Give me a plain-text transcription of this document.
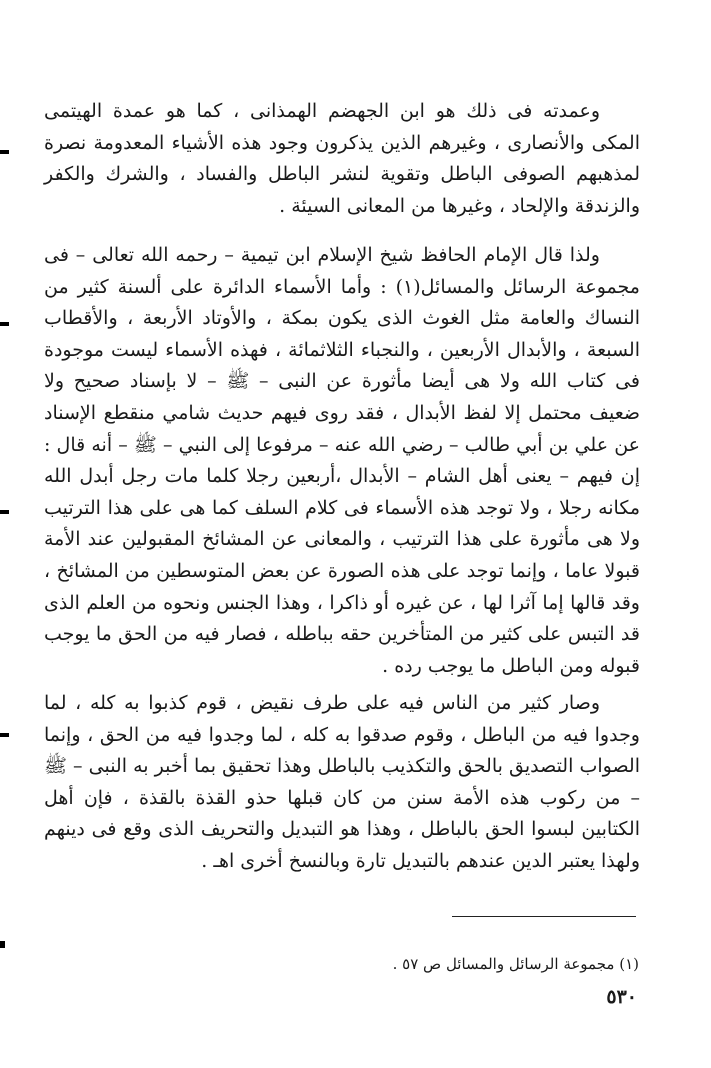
وعمدته فى ذلك هو ابن الجهضم الهمذانى ، كما هو عمدة الهيتمى المكى والأنصارى ، وغيرهم الذين يذكرون وجود هذه الأشياء المعدومة نصرة لمذهبهم الصوفى الباطل وتقوية لنشر الباطل والفساد ، والشرك والكفر والزندقة والإلحاد ، وغيرها من المعانى السيئة .

ولذا قال الإمام الحافظ شيخ الإسلام ابن تيمية – رحمه الله تعالى – فى مجموعة الرسائل والمسائل(١) : وأما الأسماء الدائرة على ألسنة كثير من النساك والعامة مثل الغوث الذى يكون بمكة ، والأوتاد الأربعة ، والأقطاب السبعة ، والأبدال الأربعين ، والنجباء الثلاثمائة ، فهذه الأسماء ليست موجودة فى كتاب الله ولا هى أيضا مأثورة عن النبى – ﷺ – لا بإسناد صحيح ولا ضعيف محتمل إلا لفظ الأبدال ، فقد روى فيهم حديث شامي منقطع الإسناد عن علي بن أبي طالب – رضي الله عنه – مرفوعا إلى النبي – ﷺ – أنه قال : إن فيهم – يعنى أهل الشام – الأبدال ،أربعين رجلا كلما مات رجل أبدل الله مكانه رجلا ، ولا توجد هذه الأسماء فى كلام السلف كما هى على هذا الترتيب ولا هى مأثورة على هذا الترتيب ، والمعانى عن المشائخ المقبولين عند الأمة قبولا عاما ، وإنما توجد على هذه الصورة عن بعض المتوسطين من المشائخ ، وقد قالها إما آثرا لها ، عن غيره أو ذاكرا ، وهذا الجنس ونحوه من العلم الذى قد التبس على كثير من المتأخرين حقه بباطله ، فصار فيه من الحق ما يوجب قبوله ومن الباطل ما يوجب رده .

وصار كثير من الناس فيه على طرف نقيض ، قوم كذبوا به كله ، لما وجدوا فيه من الباطل ، وقوم صدقوا به كله ، لما وجدوا فيه من الحق ، وإنما الصواب التصديق بالحق والتكذيب بالباطل وهذا تحقيق بما أخبر به النبى – ﷺ – من ركوب هذه الأمة سنن من كان قبلها حذو القذة بالقذة ، فإن أهل الكتابين لبسوا الحق بالباطل ، وهذا هو التبديل والتحريف الذى وقع فى دينهم ولهذا يعتبر الدين عندهم بالتبديل تارة وبالنسخ أخرى اهـ .

(١) مجموعة الرسائل والمسائل ص ٥٧ .
٥٣٠
